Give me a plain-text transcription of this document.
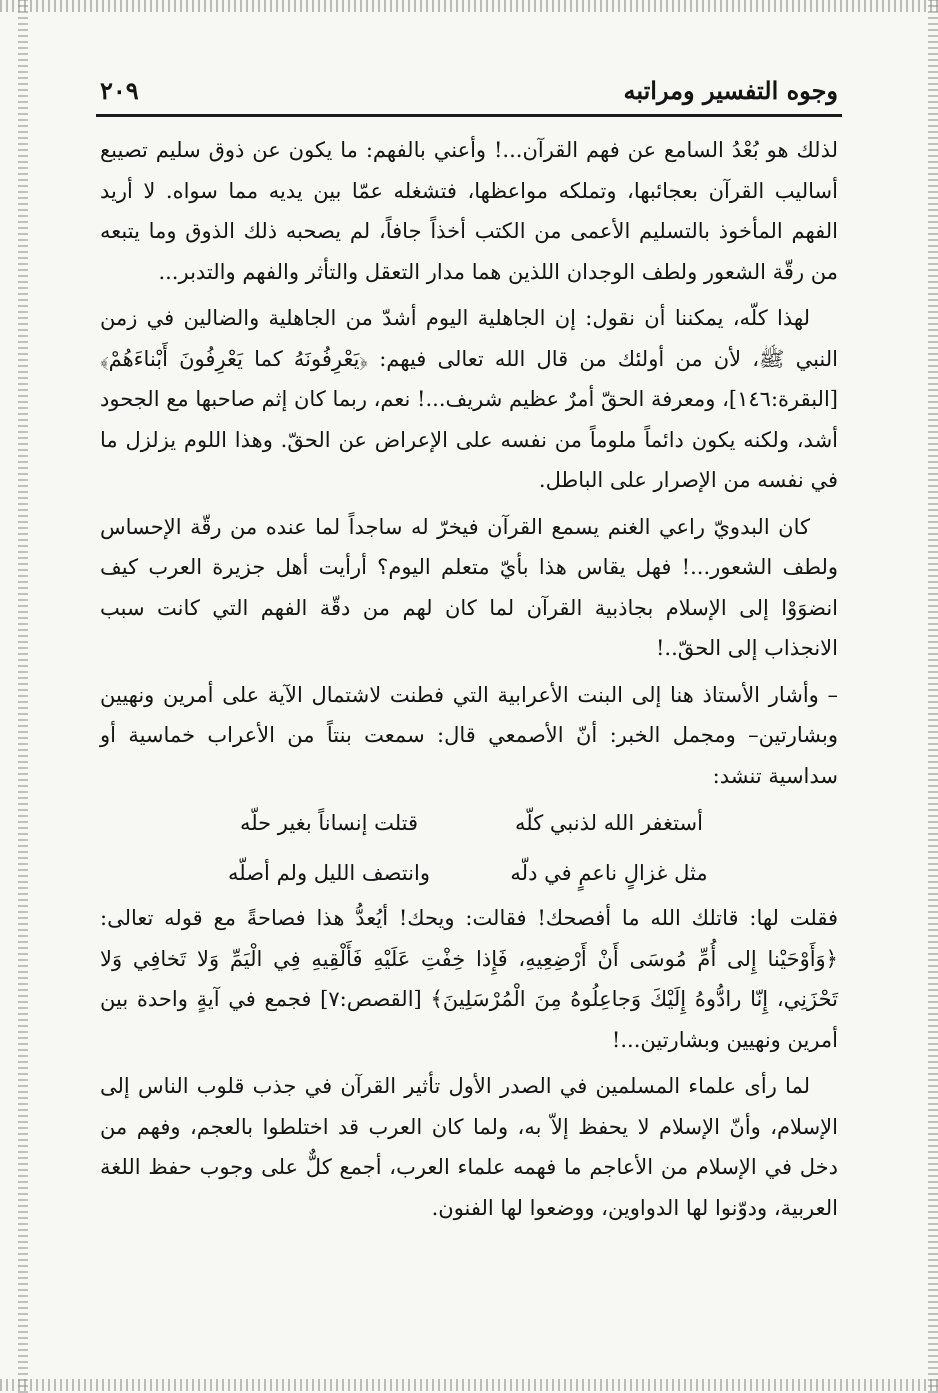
وجوه التفسير ومراتبه
٢٠٩

لذلك هو بُعْدُ السامع عن فهم القرآن...! وأعني بالفهم: ما يكون عن ذوق سليم تصيبع أساليب القرآن بعجائبها، وتملكه مواعظها، فتشغله عمّا بين يديه مما سواه. لا أريد الفهم المأخوذ بالتسليم الأعمى من الكتب أخذاً جافاً، لم يصحبه ذلك الذوق وما يتبعه من رقّة الشعور ولطف الوجدان اللذين هما مدار التعقل والتأثر والفهم والتدبر...

لهذا كلّه، يمكننا أن نقول: إن الجاهلية اليوم أشدّ من الجاهلية والضالين في زمن النبي ﷺ، لأن من أولئك من قال الله تعالى فيهم: ﴿يَعْرِفُونَهُ كما يَعْرِفُونَ أَبْناءَهُمْ﴾ [البقرة:١٤٦]، ومعرفة الحقّ أمرٌ عظيم شريف...! نعم، ربما كان إثم صاحبها مع الجحود أشد، ولكنه يكون دائماً ملوماً من نفسه على الإعراض عن الحقّ. وهذا اللوم يزلزل ما في نفسه من الإصرار على الباطل.

كان البدويّ راعي الغنم يسمع القرآن فيخرّ له ساجداً لما عنده من رقّة الإحساس ولطف الشعور...! فهل يقاس هذا بأيّ متعلم اليوم؟ أرأيت أهل جزيرة العرب كيف انضوَوْا إلى الإسلام بجاذبية القرآن لما كان لهم من دقّة الفهم التي كانت سبب الانجذاب إلى الحقّ..!

– وأشار الأستاذ هنا إلى البنت الأعرابية التي فطنت لاشتمال الآية على أمرين ونهيين وبشارتين– ومجمل الخبر: أنّ الأصمعي قال: سمعت بنتاً من الأعراب خماسية أو سداسية تنشد:

أستغفر الله لذنبي كلّه
قتلت إنساناً بغير حلّه
مثل غزالٍ ناعمٍ في دلّه
وانتصف الليل ولم أصلّه

فقلت لها: قاتلك الله ما أفصحك! فقالت: ويحك! أيُعدُّ هذا فصاحةً مع قوله تعالى: ﴿وَأَوْحَيْنا إِلى أُمِّ مُوسَى أَنْ أَرْضِعِيهِ، فَإِذا خِفْتِ عَلَيْهِ فَأَلْقِيهِ فِي الْيَمِّ وَلا تَخافِي وَلا تَحْزَنِي، إِنّا رادُّوهُ إِلَيْكَ وَجاعِلُوهُ مِنَ الْمُرْسَلِينَ﴾ [القصص:٧] فجمع في آيةٍ واحدة بين أمرين ونهيين وبشارتين...!

لما رأى علماء المسلمين في الصدر الأول تأثير القرآن في جذب قلوب الناس إلى الإسلام، وأنّ الإسلام لا يحفظ إلاّ به، ولما كان العرب قد اختلطوا بالعجم، وفهم من دخل في الإسلام من الأعاجم ما فهمه علماء العرب، أجمع كلٌّ على وجوب حفظ اللغة العربية، ودوّنوا لها الدواوين، ووضعوا لها الفنون.
